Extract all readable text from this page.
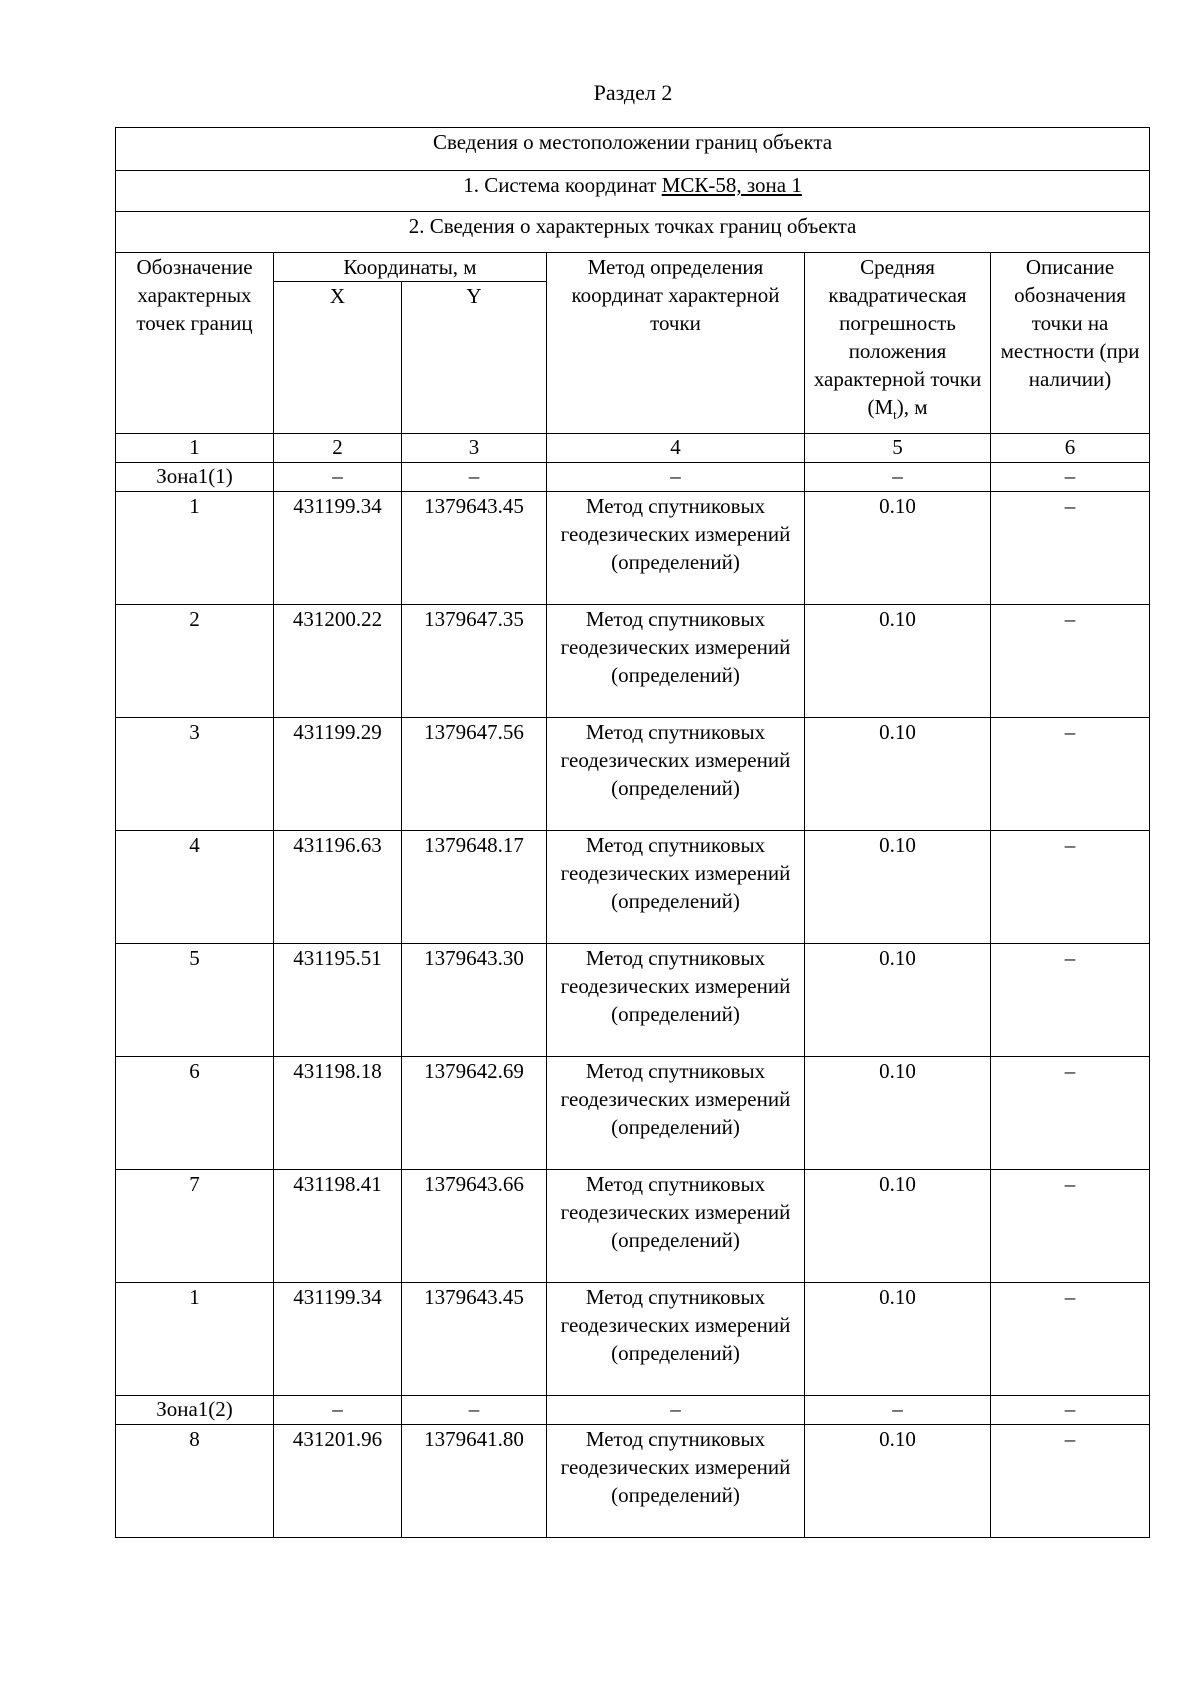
Раздел 2
Сведения о местоположении границ объекта					
1. Система координат МСК-58, зона 1					
2. Сведения о характерных точках границ объекта					
Обозначение характерных точек границ	Координаты, м		Метод определения координат характерной точки	Средняя квадратическая погрешность положения характерной точки $(M_t)$, м	Описание обозначения точки на местности (при наличии)
	X	Y			
1	2	3	4	5	6
Зона1(1)	–	–	–	–	–
1	431199.34	1379643.45	Метод спутниковых геодезических измерений (определений)	0.10	–
2	431200.22	1379647.35	Метод спутниковых геодезических измерений (определений)	0.10	–
3	431199.29	1379647.56	Метод спутниковых геодезических измерений (определений)	0.10	–
4	431196.63	1379648.17	Метод спутниковых геодезических измерений (определений)	0.10	–
5	431195.51	1379643.30	Метод спутниковых геодезических измерений (определений)	0.10	–
6	431198.18	1379642.69	Метод спутниковых геодезических измерений (определений)	0.10	–
7	431198.41	1379643.66	Метод спутниковых геодезических измерений (определений)	0.10	–
1	431199.34	1379643.45	Метод спутниковых геодезических измерений (определений)	0.10	–
Зона1(2)	–	–	–	–	–
8	431201.96	1379641.80	Метод спутниковых геодезических измерений (определений)	0.10	–
